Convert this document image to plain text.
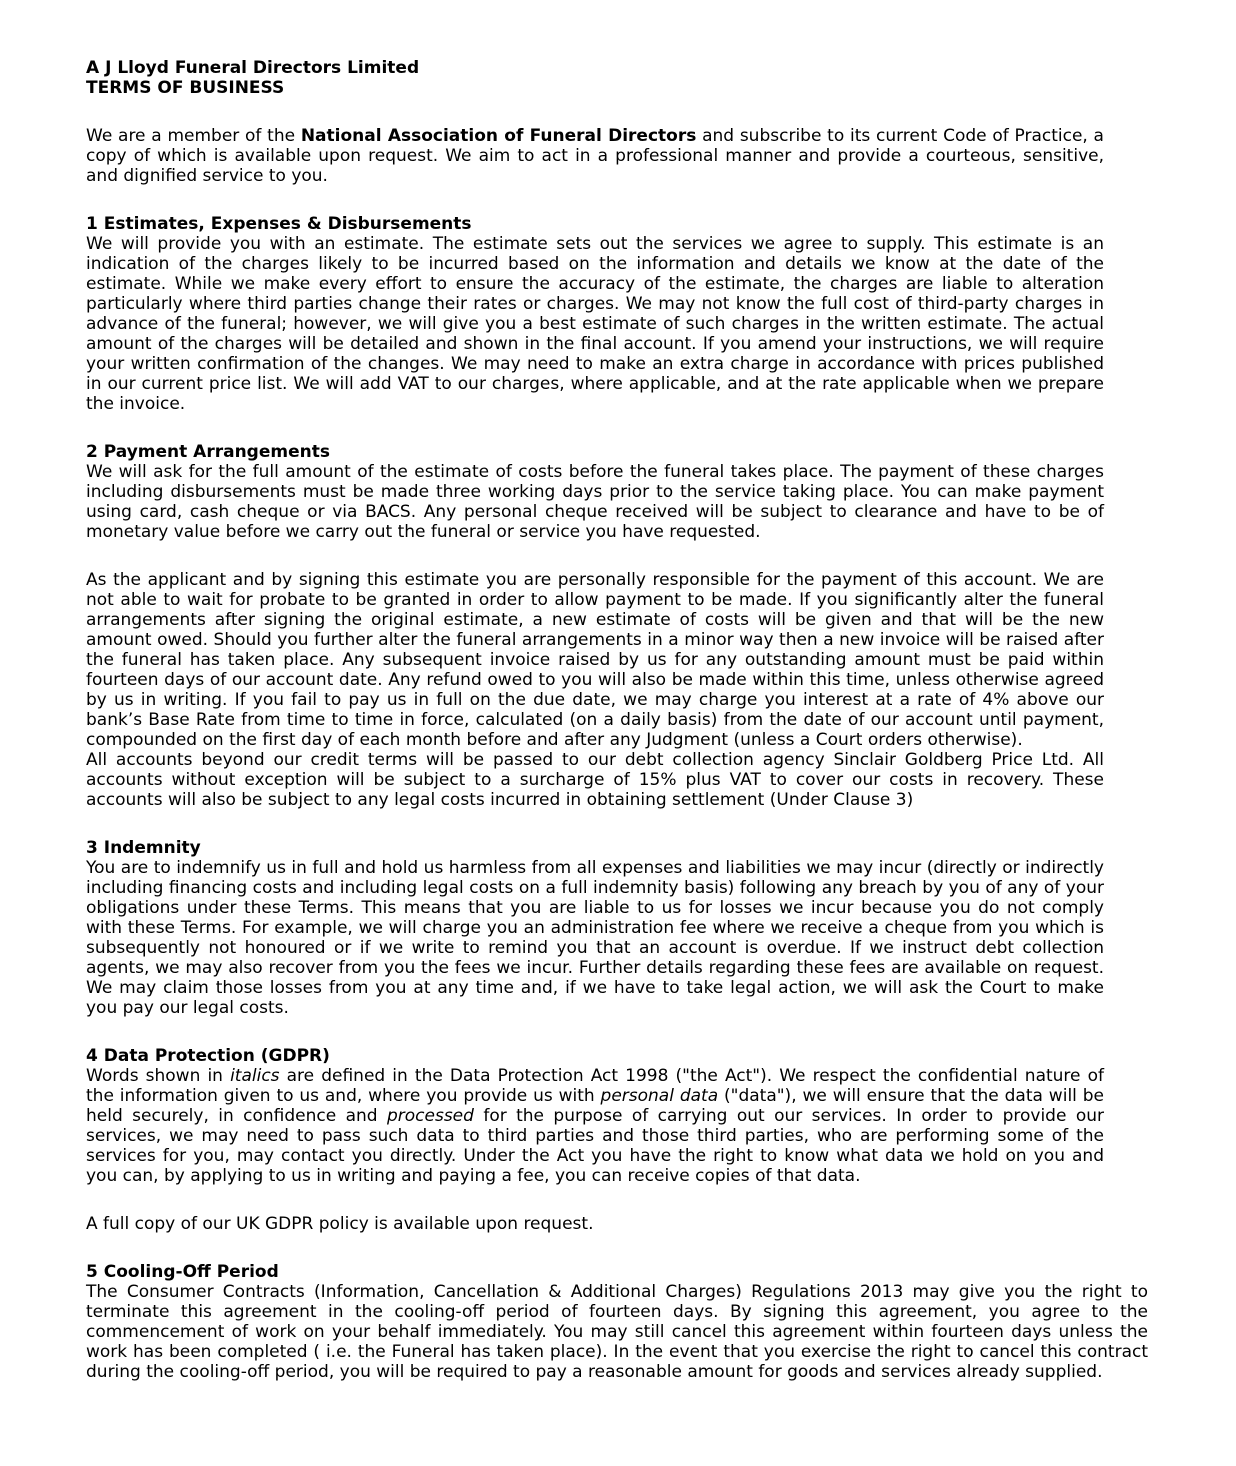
A J Lloyd Funeral Directors Limited

TERMS OF BUSINESS

We are a member of the National Association of Funeral Directors and subscribe to its current Code of Practice, a copy of which is available upon request. We aim to act in a professional manner and provide a courteous, sensitive, and dignified service to you.

1 Estimates, Expenses & Disbursements

We will provide you with an estimate. The estimate sets out the services we agree to supply. This estimate is an indication of the charges likely to be incurred based on the information and details we know at the date of the estimate. While we make every effort to ensure the accuracy of the estimate, the charges are liable to alteration particularly where third parties change their rates or charges. We may not know the full cost of third-party charges in advance of the funeral; however, we will give you a best estimate of such charges in the written estimate. The actual amount of the charges will be detailed and shown in the final account. If you amend your instructions, we will require your written confirmation of the changes. We may need to make an extra charge in accordance with prices published in our current price list. We will add VAT to our charges, where applicable, and at the rate applicable when we prepare the invoice.

2 Payment Arrangements

We will ask for the full amount of the estimate of costs before the funeral takes place. The payment of these charges including disbursements must be made three working days prior to the service taking place. You can make payment using card, cash cheque or via BACS. Any personal cheque received will be subject to clearance and have to be of monetary value before we carry out the funeral or service you have requested.

As the applicant and by signing this estimate you are personally responsible for the payment of this account. We are not able to wait for probate to be granted in order to allow payment to be made. If you significantly alter the funeral arrangements after signing the original estimate, a new estimate of costs will be given and that will be the new amount owed. Should you further alter the funeral arrangements in a minor way then a new invoice will be raised after the funeral has taken place. Any subsequent invoice raised by us for any outstanding amount must be paid within fourteen days of our account date. Any refund owed to you will also be made within this time, unless otherwise agreed by us in writing. If you fail to pay us in full on the due date, we may charge you interest at a rate of 4% above our bank’s Base Rate from time to time in force, calculated (on a daily basis) from the date of our account until payment, compounded on the first day of each month before and after any Judgment (unless a Court orders otherwise).

All accounts beyond our credit terms will be passed to our debt collection agency Sinclair Goldberg Price Ltd. All accounts without exception will be subject to a surcharge of 15% plus VAT to cover our costs in recovery. These accounts will also be subject to any legal costs incurred in obtaining settlement (Under Clause 3)

3 Indemnity

You are to indemnify us in full and hold us harmless from all expenses and liabilities we may incur (directly or indirectly including financing costs and including legal costs on a full indemnity basis) following any breach by you of any of your obligations under these Terms. This means that you are liable to us for losses we incur because you do not comply with these Terms. For example, we will charge you an administration fee where we receive a cheque from you which is subsequently not honoured or if we write to remind you that an account is overdue. If we instruct debt collection agents, we may also recover from you the fees we incur. Further details regarding these fees are available on request. We may claim those losses from you at any time and, if we have to take legal action, we will ask the Court to make you pay our legal costs.

4 Data Protection (GDPR)

Words shown in italics are defined in the Data Protection Act 1998 ("the Act"). We respect the confidential nature of the information given to us and, where you provide us with personal data ("data"), we will ensure that the data will be held securely, in confidence and processed for the purpose of carrying out our services. In order to provide our services, we may need to pass such data to third parties and those third parties, who are performing some of the services for you, may contact you directly. Under the Act you have the right to know what data we hold on you and you can, by applying to us in writing and paying a fee, you can receive copies of that data.

A full copy of our UK GDPR policy is available upon request.

5 Cooling-Off Period

The Consumer Contracts (Information, Cancellation & Additional Charges) Regulations 2013 may give you the right to terminate this agreement in the cooling-off period of fourteen days. By signing this agreement, you agree to the commencement of work on your behalf immediately. You may still cancel this agreement within fourteen days unless the work has been completed ( i.e. the Funeral has taken place). In the event that you exercise the right to cancel this contract during the cooling-off period, you will be required to pay a reasonable amount for goods and services already supplied.
